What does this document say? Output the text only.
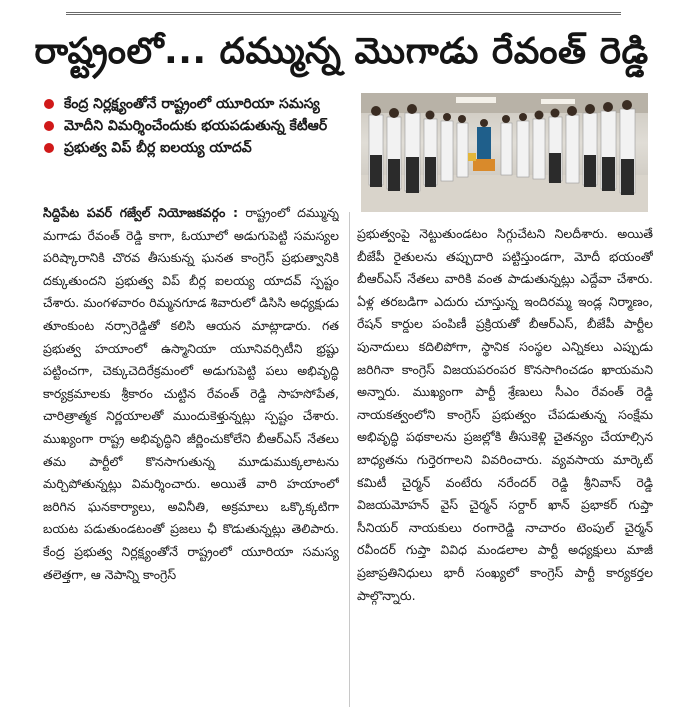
రాష్ట్రంలో... దమ్మున్న మొగాడు రేవంత్ రెడ్డి
కేంద్ర నిర్లక్ష్యంతోనే రాష్ట్రంలో యూరియా సమస్య
మోదీని విమర్శించేందుకు భయపడుతున్న కేటీఆర్
ప్రభుత్వ విప్ బీర్ల ఐలయ్య యాదవ్

సిద్దిపేట పవర్ గజ్వేల్ నియోజకవర్గం : రాష్ట్రంలో దమ్మున్న మగాడు రేవంత్ రెడ్డి కాగా, ఓయూలో అడుగుపెట్టి సమస్యల పరిష్కారానికి చొరవ తీసుకున్న ఘనత కాంగ్రెస్ ప్రభుత్వానికి దక్కుతుందని ప్రభుత్వ విప్ బీర్ల ఐలయ్య యాదవ్ స్పష్టం చేశారు. మంగళవారం రిమ్మనగూడ శివారులో డిసిసి అధ్యక్షుడు తూంకుంట నర్సారెడ్డితో కలిసి ఆయన మాట్లాడారు. గత ప్రభుత్వ హయాంలో ఉస్మానియా యూనివర్సిటీని భ్రష్టు పట్టించగా, చెక్కుచెదిరేక్రమంలో అడుగుపెట్టి పలు అభివృద్ధి కార్యక్రమాలకు శ్రీకారం చుట్టిన రేవంత్ రెడ్డి సాహసోపేత, చారిత్రాత్మక నిర్ణయాలతో ముందుకెళ్తున్నట్లు స్పష్టం చేశారు. ముఖ్యంగా రాష్ట్ర అభివృద్ధిని జీర్ణించుకోలేని బీఆర్ఎస్ నేతలు తమ పార్టీలో కొనసాగుతున్న మూడుముక్కలాటను మర్చిపోతున్నట్లు విమర్శించారు. అయితే వారి హయాంలో జరిగిన ఘనకార్యాలు, అవినీతి, అక్రమాలు ఒక్కొక్కటిగా బయట పడుతుండటంతో ప్రజలు ఛీ కొడుతున్నట్లు తెలిపారు. కేంద్ర ప్రభుత్వ నిర్లక్ష్యంతోనే రాష్ట్రంలో యూరియా సమస్య తలెత్తగా, ఆ నెపాన్ని కాంగ్రెస్

ప్రభుత్వంపై నెట్టుతుండటం సిగ్గుచేటని నిలదీశారు. అయితే బీజేపీ రైతులను తప్పుదారి పట్టిస్తుండగా, మోదీ భయంతో బీఆర్ఎస్ నేతలు వారికి వంత పాడుతున్నట్లు ఎద్దేవా చేశారు. ఏళ్ల తరబడిగా ఎదురు చూస్తున్న ఇందిరమ్మ ఇండ్ల నిర్మాణం, రేషన్ కార్డుల పంపిణీ ప్రక్రియతో బీఆర్ఎస్, బీజేపీ పార్టీల పునాదులు కదిలిపోగా, స్థానిక సంస్థల ఎన్నికలు ఎప్పుడు జరిగినా కాంగ్రెస్ విజయపరంపర కొనసాగించడం ఖాయమని అన్నారు. ముఖ్యంగా పార్టీ శ్రేణులు సీఎం రేవంత్ రెడ్డి నాయకత్వంలోని కాంగ్రెస్ ప్రభుత్వం చేపడుతున్న సంక్షేమ అభివృద్ధి పథకాలను ప్రజల్లోకి తీసుకెళ్లి చైతన్యం చేయాల్సిన బాధ్యతను గుర్తెరగాలని వివరించారు. వ్యవసాయ మార్కెట్ కమిటీ చైర్మన్ వంటేరు నరేందర్ రెడ్డి శ్రీనివాస్ రెడ్డి విజయమోహన్ వైస్ చైర్మన్ సర్దార్ ఖాన్ ప్రభాకర్ గుప్తా సీనియర్ నాయకులు రంగారెడ్డి నాచారం టెంపుల్ చైర్మన్ రవీందర్ గుప్తా వివిధ మండలాల పార్టీ అధ్యక్షులు మాజీ ప్రజాప్రతినిధులు భారీ సంఖ్యలో కాంగ్రెస్ పార్టీ కార్యకర్తల పాల్గొన్నారు.
